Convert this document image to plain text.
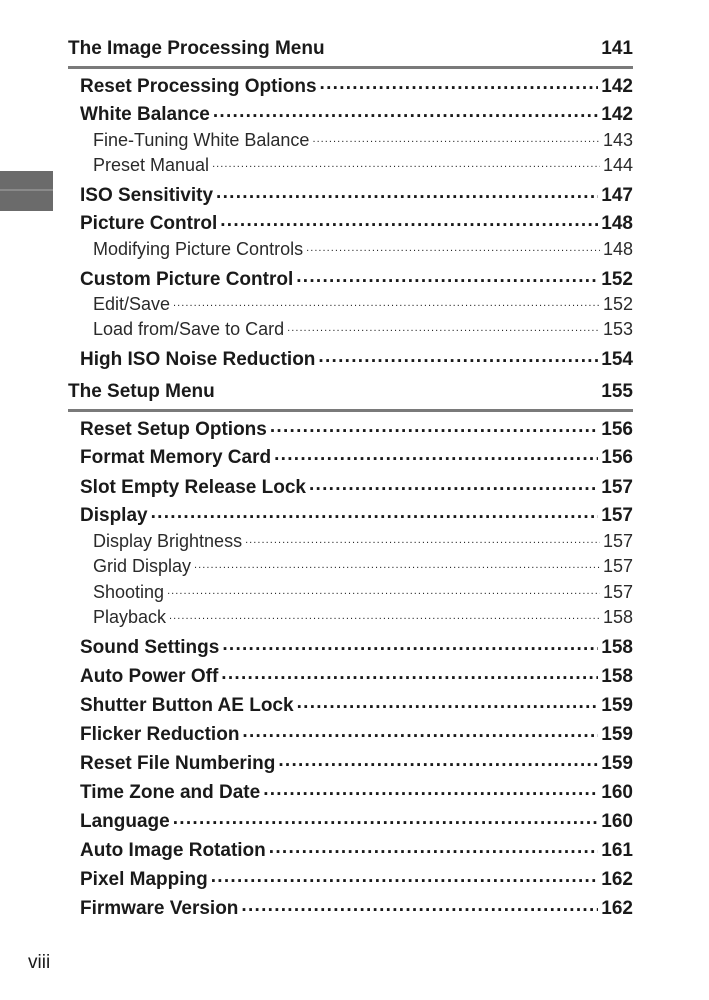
The Image Processing Menu	141
Reset Processing Options . . .	142
White Balance . . .	142
Fine-Tuning White Balance . . .	143
Preset Manual . . .	144
ISO Sensitivity . . .	147
Picture Control . . .	148
Modifying Picture Controls . . .	148
Custom Picture Control . . .	152
Edit/Save . . .	152
Load from/Save to Card . . .	153
High ISO Noise Reduction . . .	154
The Setup Menu	155
Reset Setup Options . . .	156
Format Memory Card . . .	156
Slot Empty Release Lock . . .	157
Display . . .	157
Display Brightness . . .	157
Grid Display . . .	157
Shooting . . .	157
Playback . . .	158
Sound Settings . . .	158
Auto Power Off . . .	158
Shutter Button AE Lock . . .	159
Flicker Reduction . . .	159
Reset File Numbering . . .	159
Time Zone and Date . . .	160
Language . . .	160
Auto Image Rotation . . .	161
Pixel Mapping . . .	162
Firmware Version . . .	162
viii
